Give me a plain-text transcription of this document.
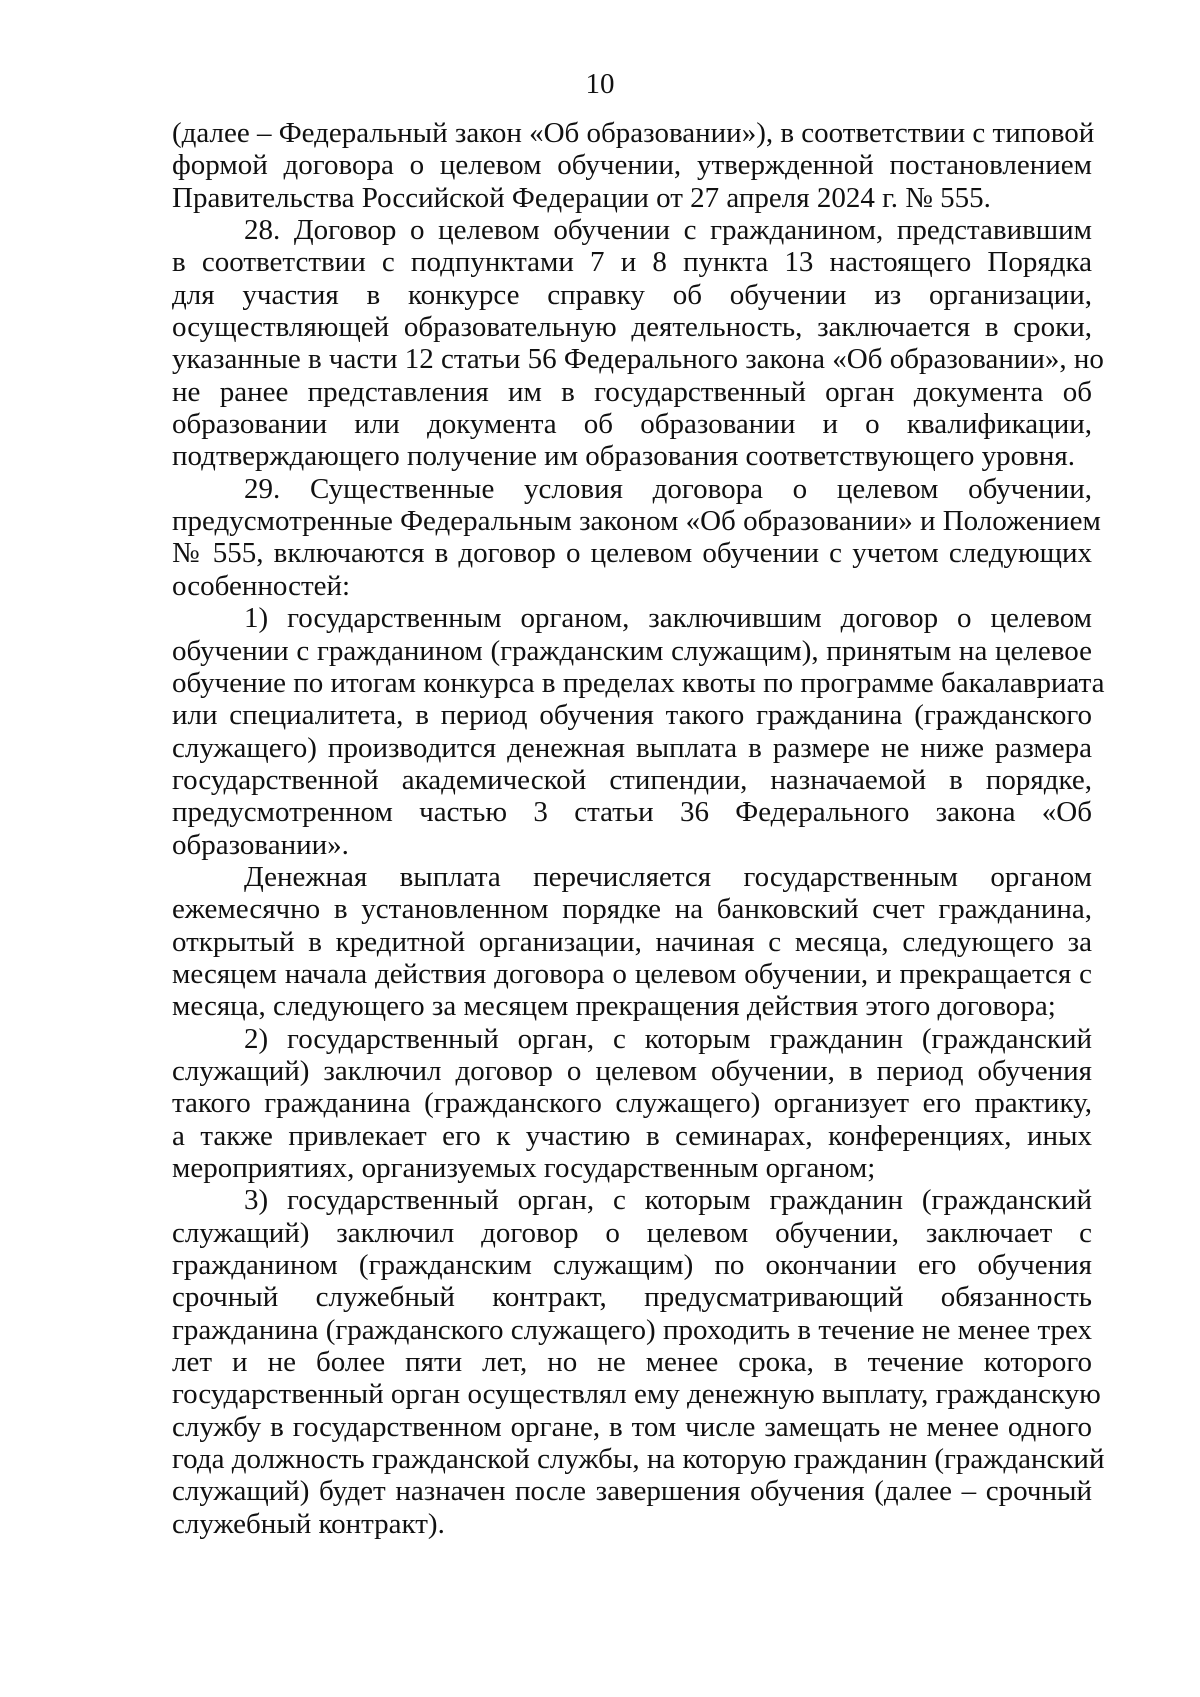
10
(далее – Федеральный закон «Об образовании»), в соответствии с типовой
формой договора о целевом обучении, утвержденной постановлением
Правительства Российской Федерации от 27 апреля 2024 г. № 555.
28. Договор о целевом обучении с гражданином, представившим
в соответствии с подпунктами 7 и 8 пункта 13 настоящего Порядка
для участия в конкурсе справку об обучении из организации,
осуществляющей образовательную деятельность, заключается в сроки,
указанные в части 12 статьи 56 Федерального закона «Об образовании», но
не ранее представления им в государственный орган документа об
образовании или документа об образовании и о квалификации,
подтверждающего получение им образования соответствующего уровня.
29. Существенные условия договора о целевом обучении,
предусмотренные Федеральным законом «Об образовании» и Положением
№ 555, включаются в договор о целевом обучении с учетом следующих
особенностей:
1) государственным органом, заключившим договор о целевом
обучении с гражданином (гражданским служащим), принятым на целевое
обучение по итогам конкурса в пределах квоты по программе бакалавриата
или специалитета, в период обучения такого гражданина (гражданского
служащего) производится денежная выплата в размере не ниже размера
государственной академической стипендии, назначаемой в порядке,
предусмотренном частью 3 статьи 36 Федерального закона «Об
образовании».
Денежная выплата перечисляется государственным органом
ежемесячно в установленном порядке на банковский счет гражданина,
открытый в кредитной организации, начиная с месяца, следующего за
месяцем начала действия договора о целевом обучении, и прекращается с
месяца, следующего за месяцем прекращения действия этого договора;
2) государственный орган, с которым гражданин (гражданский
служащий) заключил договор о целевом обучении, в период обучения
такого гражданина (гражданского служащего) организует его практику,
а также привлекает его к участию в семинарах, конференциях, иных
мероприятиях, организуемых государственным органом;
3) государственный орган, с которым гражданин (гражданский
служащий) заключил договор о целевом обучении, заключает с
гражданином (гражданским служащим) по окончании его обучения
срочный служебный контракт, предусматривающий обязанность
гражданина (гражданского служащего) проходить в течение не менее трех
лет и не более пяти лет, но не менее срока, в течение которого
государственный орган осуществлял ему денежную выплату, гражданскую
службу в государственном органе, в том числе замещать не менее одного
года должность гражданской службы, на которую гражданин (гражданский
служащий) будет назначен после завершения обучения (далее – срочный
служебный контракт).
